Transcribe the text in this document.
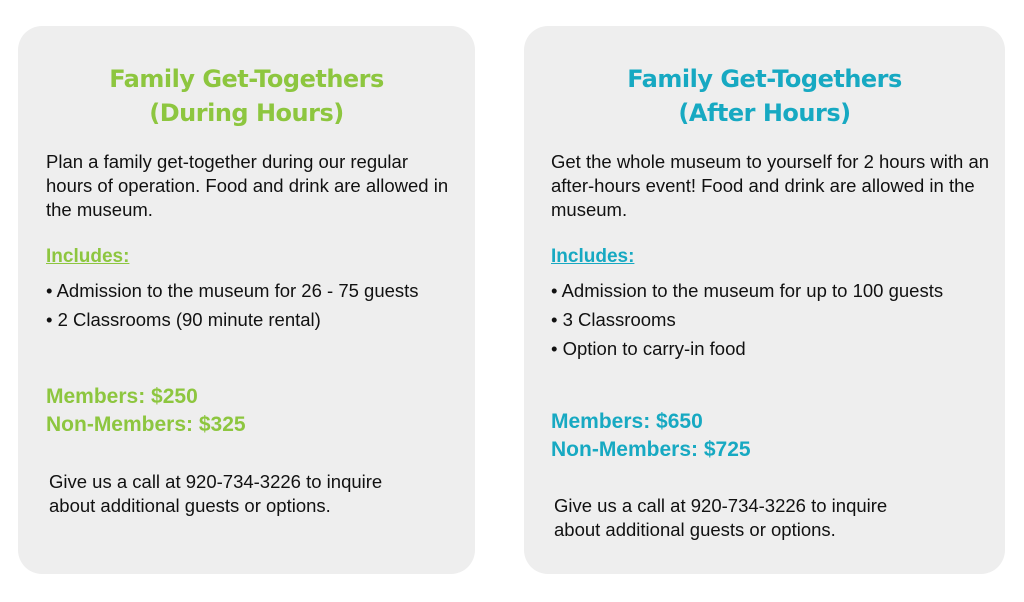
Family Get-Togethers
(During Hours)
Plan a family get-together during our regular hours of operation. Food and drink are allowed in the museum.
Includes:
• Admission to the museum for 26 - 75 guests
• 2 Classrooms (90 minute rental)
Members: $250
Non-Members: $325
Give us a call at 920-734-3226 to inquire
about additional guests or options.
Family Get-Togethers
(After Hours)
Get the whole museum to yourself for 2 hours with an after-hours event! Food and drink are allowed in the museum.
Includes:
• Admission to the museum for up to 100 guests
• 3 Classrooms
• Option to carry-in food
Members: $650
Non-Members: $725
Give us a call at 920-734-3226 to inquire
about additional guests or options.
